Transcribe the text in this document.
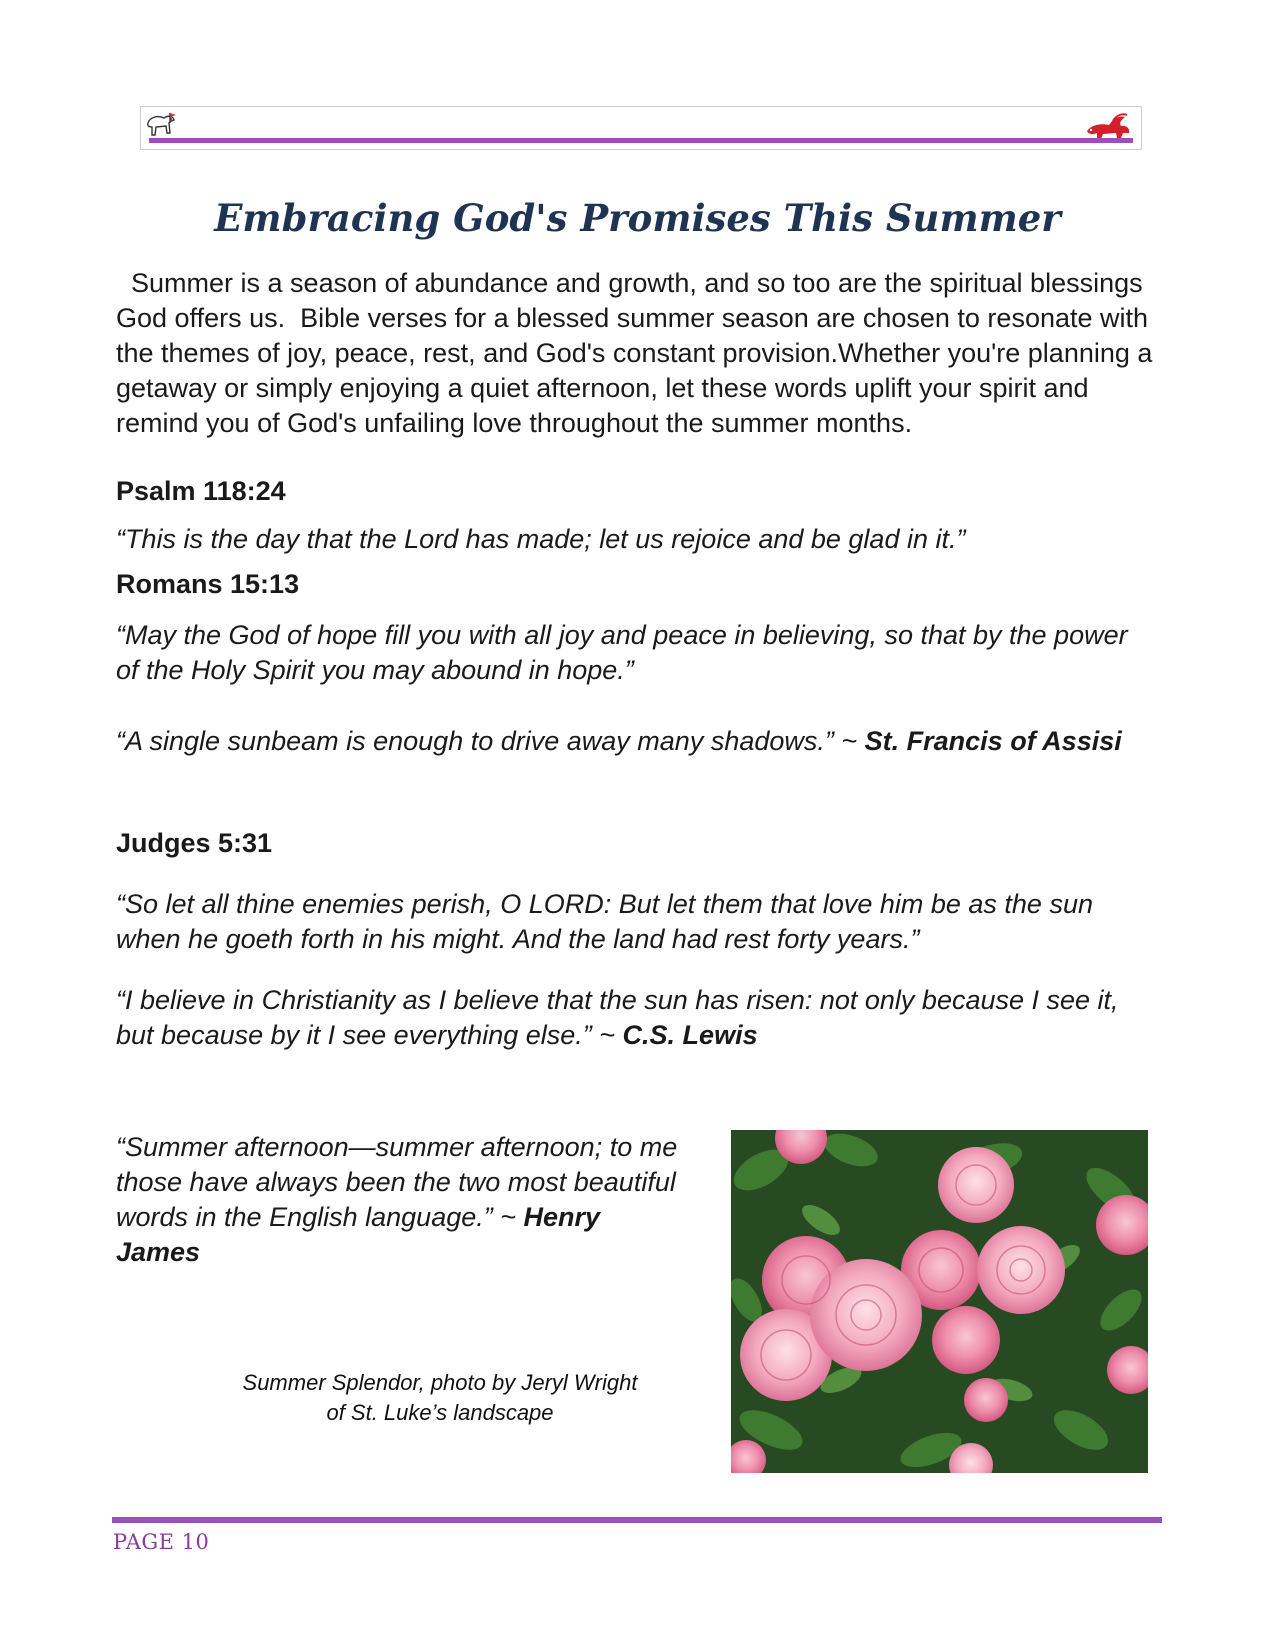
Embracing God's Promises This Summer

Summer is a season of abundance and growth, and so too are the spiritual blessings God offers us.  Bible verses for a blessed summer season are chosen to resonate with the themes of joy, peace, rest, and God's constant provision.Whether you're planning a getaway or simply enjoying a quiet afternoon, let these words uplift your spirit and remind you of God's unfailing love throughout the summer months.

Psalm 118:24

“This is the day that the Lord has made; let us rejoice and be glad in it.”

Romans 15:13

“May the God of hope fill you with all joy and peace in believing, so that by the power of the Holy Spirit you may abound in hope.”

“A single sunbeam is enough to drive away many shadows.” ~ St. Francis of Assisi

Judges 5:31

“So let all thine enemies perish, O LORD: But let them that love him be as the sun when he goeth forth in his might. And the land had rest forty years.”

“I believe in Christianity as I believe that the sun has risen: not only because I see it, but because by it I see everything else.” ~ C.S. Lewis

“Summer afternoon—summer afternoon; to me those have always been the two most beautiful words in the English language.” ~ Henry James

Summer Splendor, photo by Jeryl Wright
of St. Luke’s landscape
PAGE 10
